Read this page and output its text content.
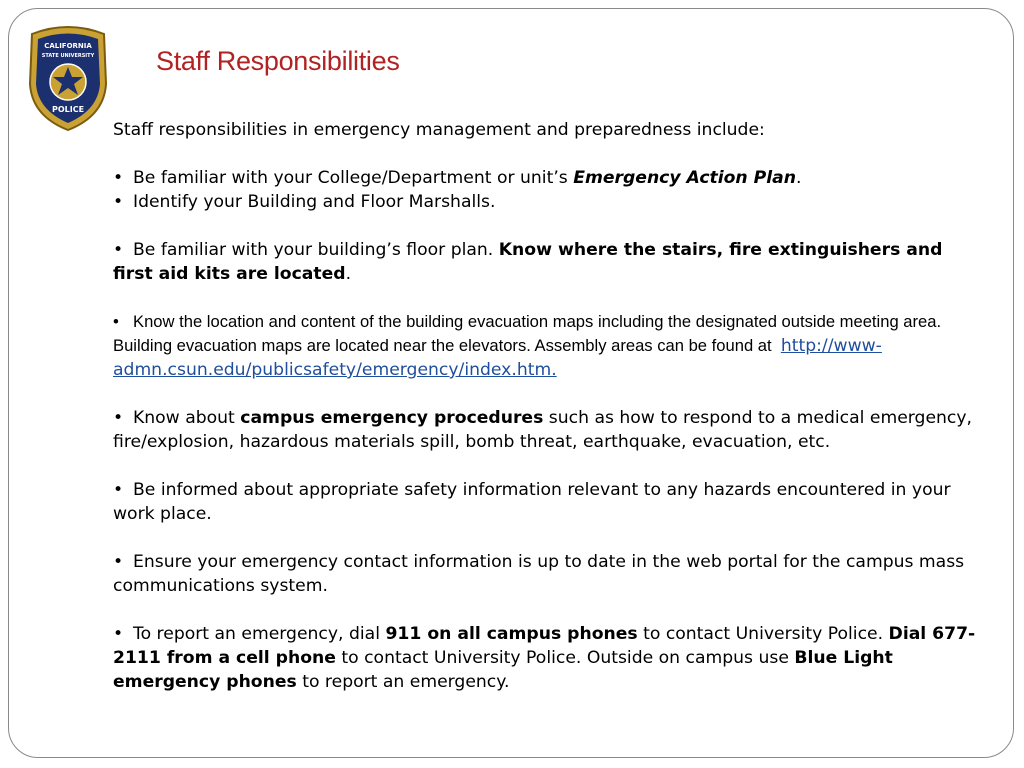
CALIFORNIA
STATE UNIVERSITY
POLICE
Staff Responsibilities

Staff responsibilities in emergency management and preparedness include:

• Be familiar with your College/Department or unit’s Emergency Action Plan.

• Identify your Building and Floor Marshalls.

• Be familiar with your building’s floor plan. Know where the stairs, fire extinguishers and first aid kits are located.

• Know the location and content of the building evacuation maps including the designated outside meeting area. Building evacuation maps are located near the elevators. Assembly areas can be found at http://www-admn.csun.edu/publicsafety/emergency/index.htm.

• Know about campus emergency procedures such as how to respond to a medical emergency, fire/explosion, hazardous materials spill, bomb threat, earthquake, evacuation, etc.

• Be informed about appropriate safety information relevant to any hazards encountered in your work place.

• Ensure your emergency contact information is up to date in the web portal for the campus mass communications system.

• To report an emergency, dial 911 on all campus phones to contact University Police. Dial 677-2111 from a cell phone to contact University Police. Outside on campus use Blue Light emergency phones to report an emergency.
